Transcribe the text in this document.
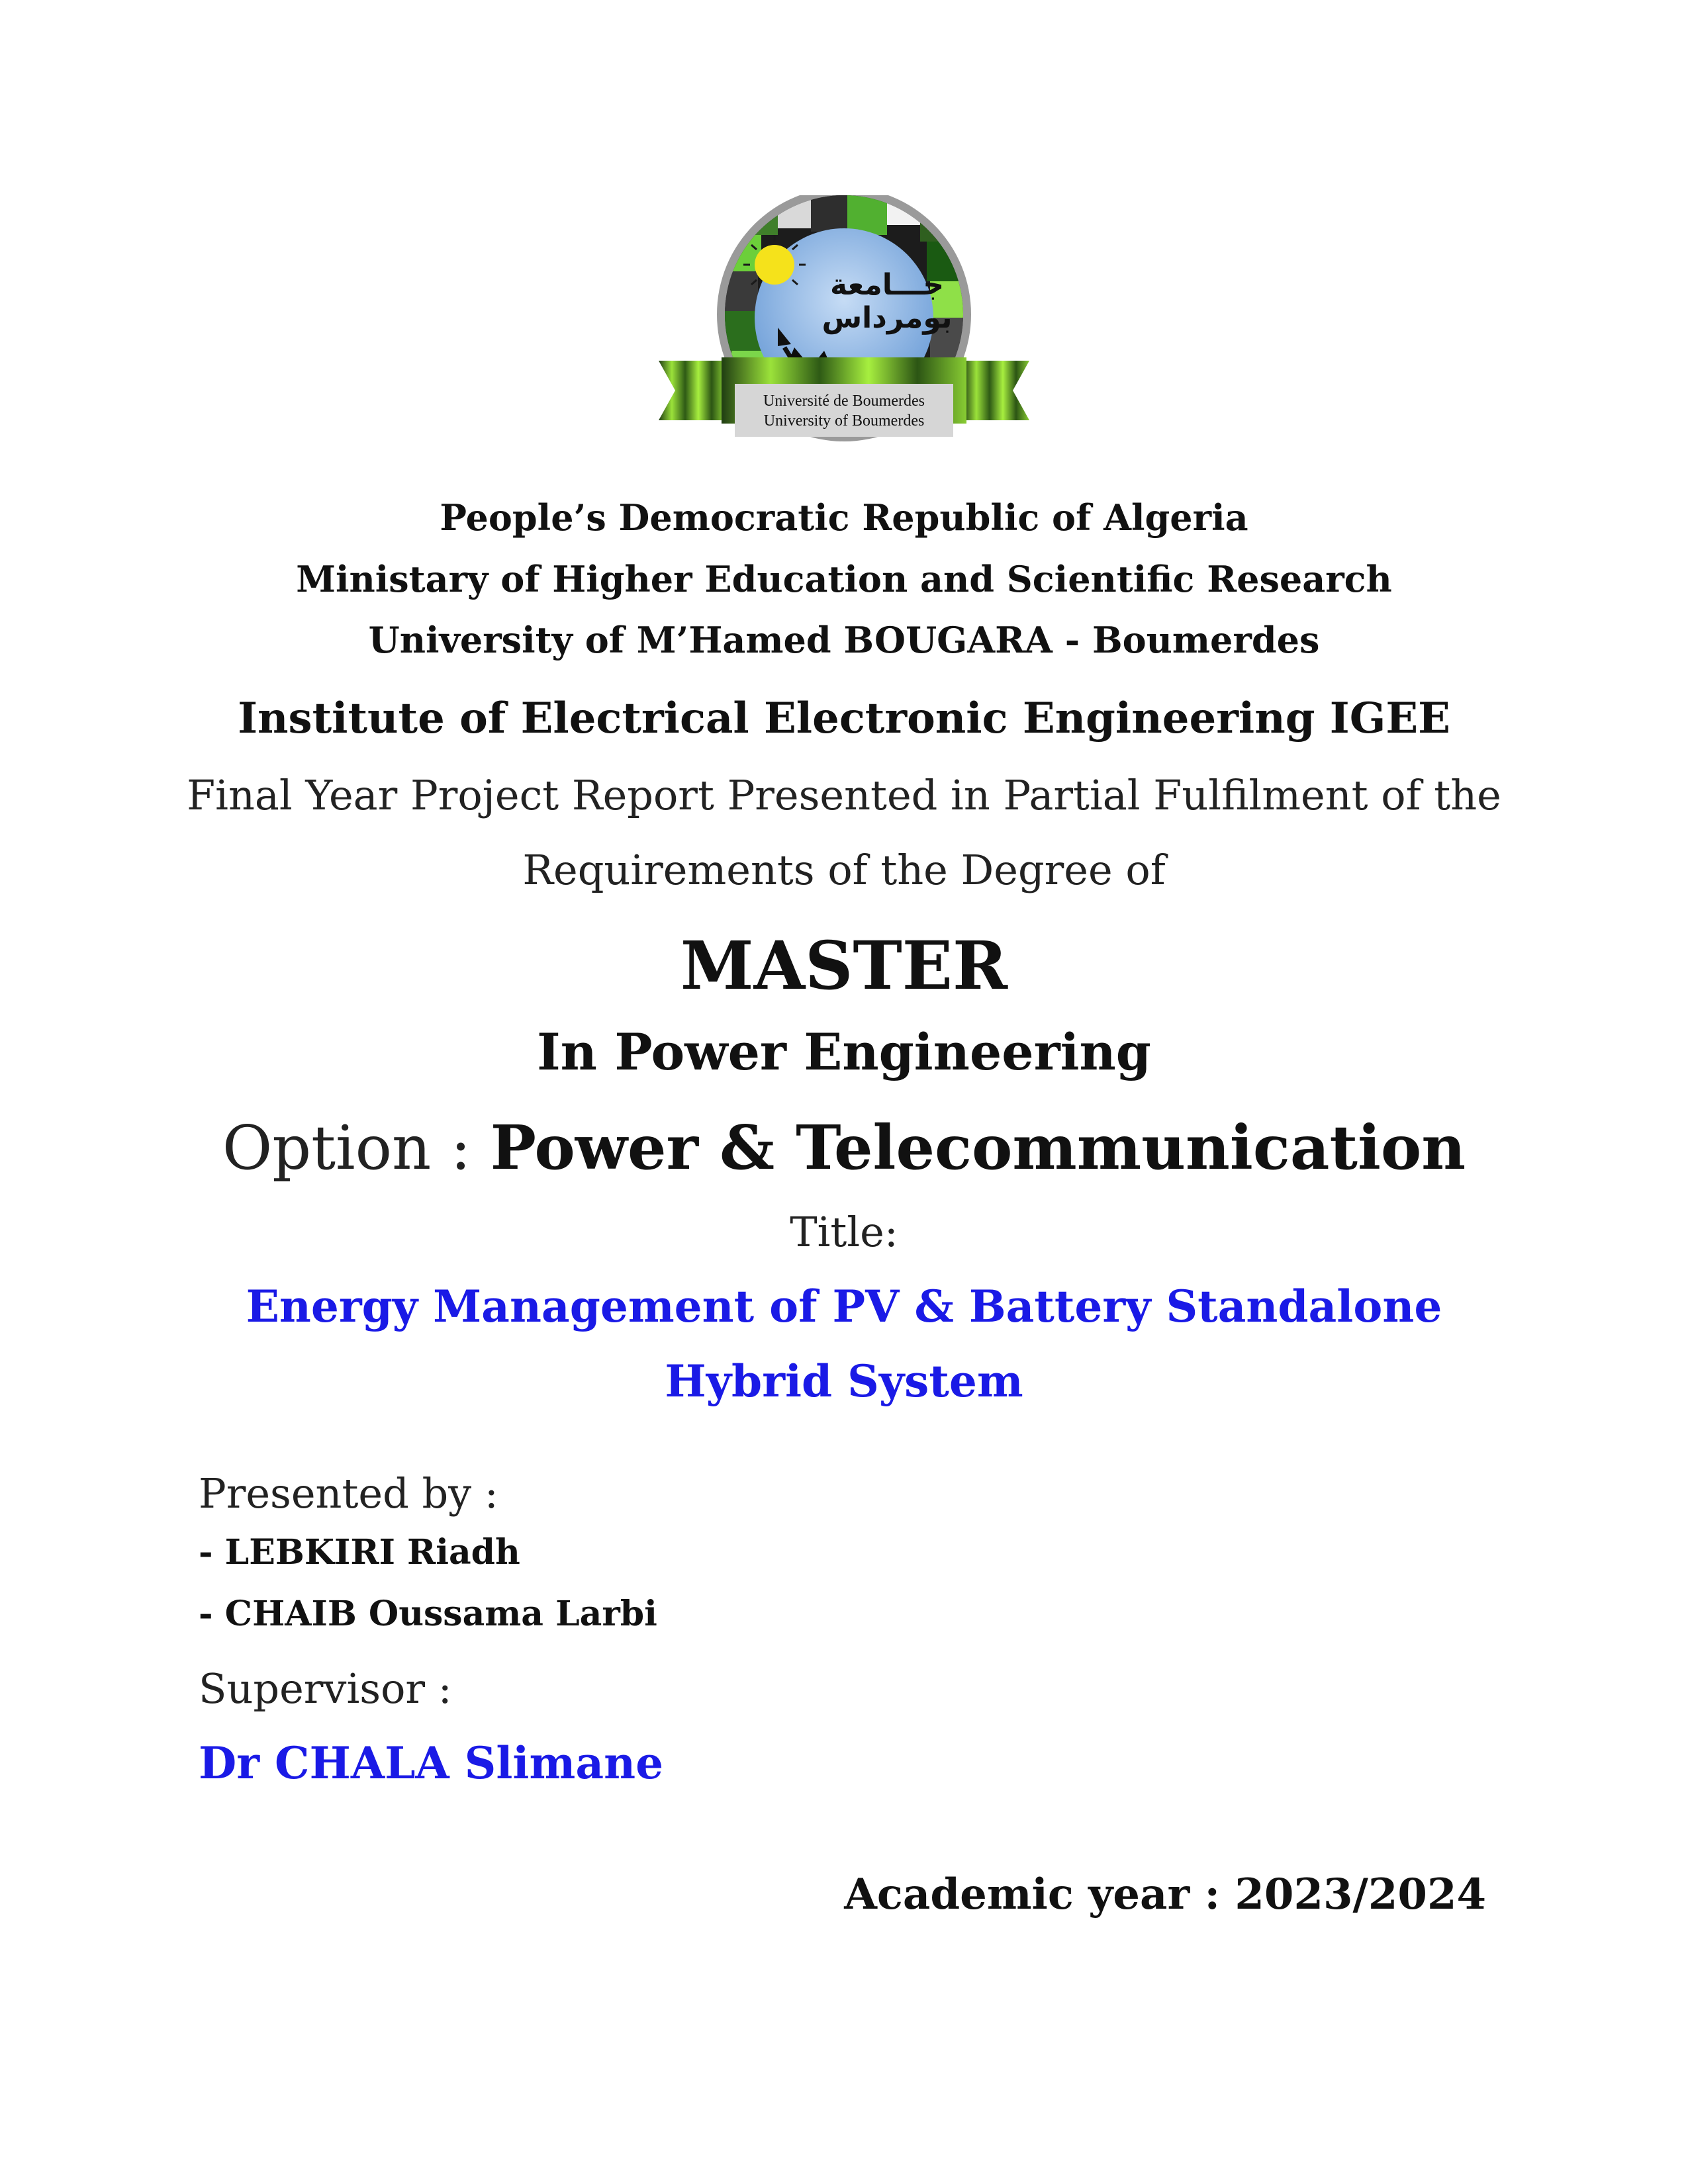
جـــامعة
بومرداس
Université de Boumerdes
University of Boumerdes
People’s Democratic Republic of Algeria
Ministary of Higher Education and Scientific Research
University of M’Hamed BOUGARA - Boumerdes
Institute of Electrical Electronic Engineering IGEE
Final Year Project Report Presented in Partial Fulfilment of the
Requirements of the Degree of
MASTER
In Power Engineering
Option : Power & Telecommunication
Title:
Energy Management of PV & Battery Standalone
Hybrid System
Presented by :
- LEBKIRI Riadh
- CHAIB Oussama Larbi
Supervisor :
Dr CHALA Slimane
Academic year : 2023/2024
